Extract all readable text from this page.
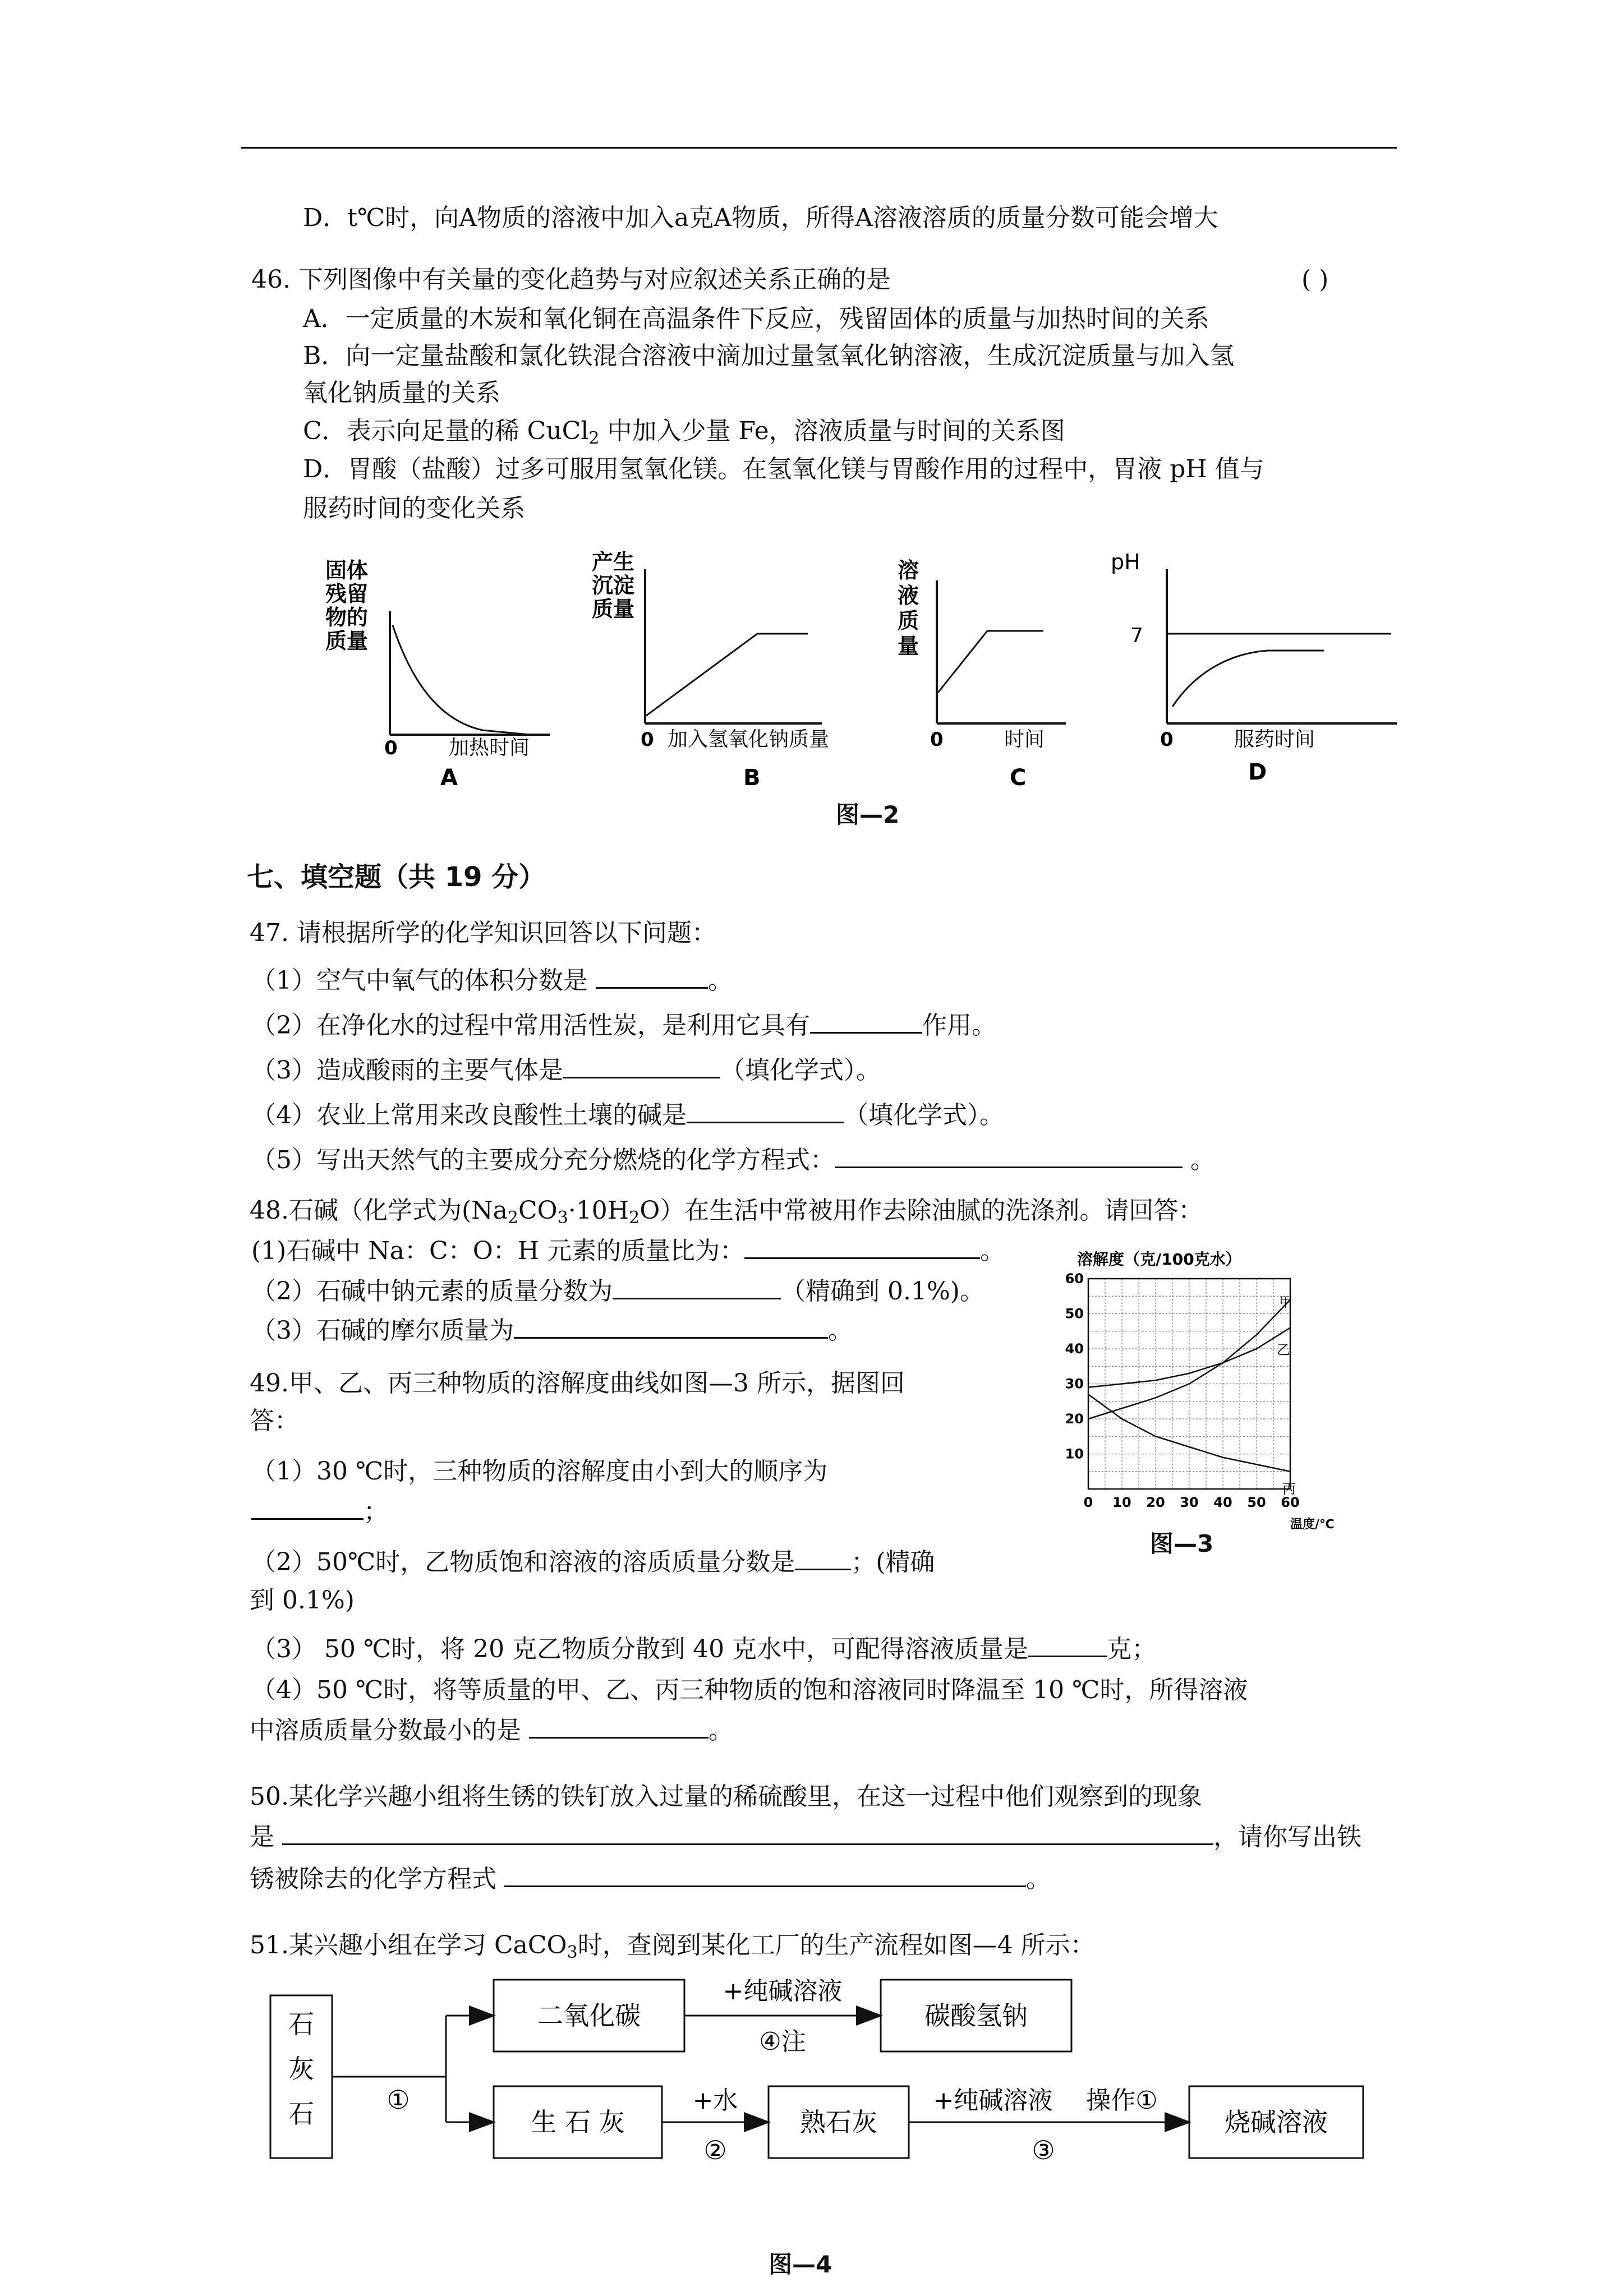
D．t℃时，向A物质的溶液中加入a克A物质，所得A溶液溶质的质量分数可能会增大
46. 下列图像中有关量的变化趋势与对应叙述关系正确的是	( )
A．一定质量的木炭和氧化铜在高温条件下反应，残留固体的质量与加热时间的关系
B．向一定量盐酸和氯化铁混合溶液中滴加过量氢氧化钠溶液，生成沉淀质量与加入氢
氧化钠质量的关系
C．表示向足量的稀 CuCl$_2$ 中加入少量 Fe，溶液质量与时间的关系图
D．胃酸（盐酸）过多可服用氢氧化镁。在氢氧化镁与胃酸作用的过程中，胃液 pH 值与
服药时间的变化关系
固体
残留
物的
质量
0	加热时间
A
产生
沉淀
质量
0 加入氢氧化钠质量
B
溶
液
质
量
0	时间
C
pH
7
0	服药时间
D
图—2
七、填空题（共 19 分）
47. 请根据所学的化学知识回答以下问题：
（1）空气中氧气的体积分数是	。
（2）在净化水的过程中常用活性炭，是利用它具有	作用。
（3）造成酸雨的主要气体是	（填化学式）。
（4）农业上常用来改良酸性土壤的碱是	（填化学式）。
（5）写出天然气的主要成分充分燃烧的化学方程式：	。
48.石碱（化学式为$(Na_2CO_3\cdot 10H_2O)$在生活中常被用作去除油腻的洗涤剂。请回答：
(1)石碱中 Na：C：O：H 元素的质量比为：	。
（2）石碱中钠元素的质量分数为	（精确到 0.1%)。
（3）石碱的摩尔质量为	。
49.甲、乙、丙三种物质的溶解度曲线如图—3 所示，据图回
答：
（1）30 ℃时，三种物质的溶解度由小到大的顺序为
；
（2）50℃时，乙物质饱和溶液的溶质质量分数是 ；(精确
到 0.1%)
（3） 50 ℃时，将 20 克乙物质分散到 40 克水中，可配得溶液质量是	克；
（4）50 ℃时，将等质量的甲、乙、丙三种物质的饱和溶液同时降温至 10 ℃时，所得溶液
中溶质质量分数最小的是	。
溶解度（克/100克水）
0 10 20 30 40 50 60
10
20
30
40
50
60
温度/℃
甲
乙
丙
图—3
50.某化学兴趣小组将生锈的铁钉放入过量的稀硫酸里，在这一过程中他们观察到的现象
是	，请你写出铁
锈被除去的化学方程式	。
51.某兴趣小组在学习 CaCO$_3$时，查阅到某化工厂的生产流程如图—4 所示：
石
灰
石
二氧化碳	碳酸氢钠
生 石 灰	熟石灰	烧碱溶液
+纯碱溶液
④注
①	+水
②
+纯碱溶液 操作①
③
图—4
